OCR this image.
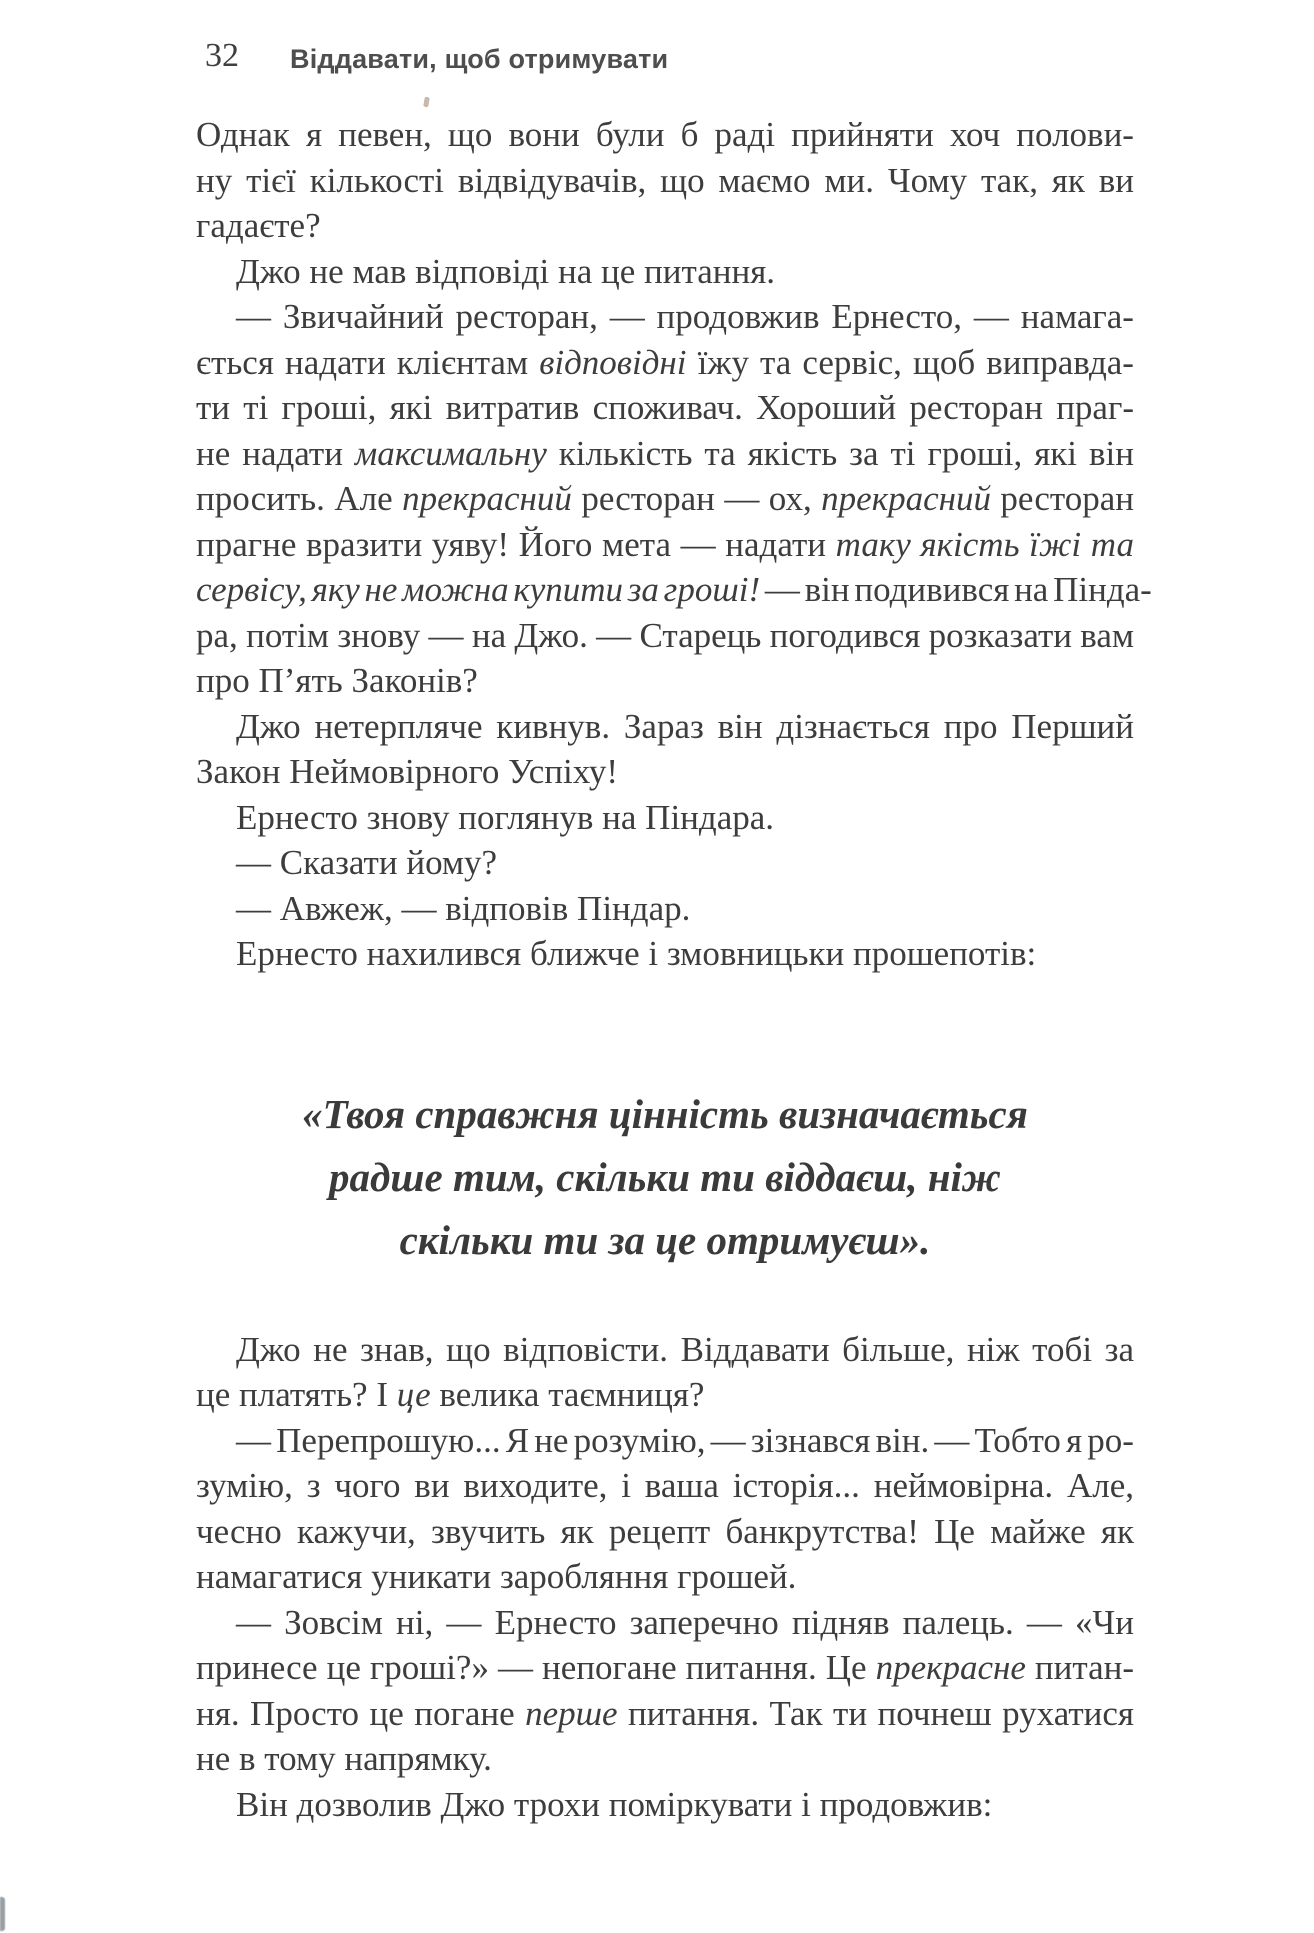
32 Віддавати, щоб отримувати
Однак я певен, що вони були б раді прийняти хоч полови-
ну тієї кількості відвідувачів, що маємо ми. Чому так, як ви
гадаєте?
Джо не мав відповіді на це питання.
— Звичайний ресторан, — продовжив Ернесто, — намага-
ється надати клієнтам відповідні їжу та сервіс, щоб виправда-
ти ті гроші, які витратив споживач. Хороший ресторан праг-
не надати максимальну кількість та якість за ті гроші, які він
просить. Але прекрасний ресторан — ох, прекрасний ресторан
прагне вразити уяву! Його мета — надати таку якість їжі та
сервісу, яку не можна купити за гроші! — він подивився на Пінда-
ра, потім знову — на Джо. — Старець погодився розказати вам
про П’ять Законів?
Джо нетерпляче кивнув. Зараз він дізнається про Перший
Закон Неймовірного Успіху!
Ернесто знову поглянув на Піндара.
— Сказати йому?
— Авжеж, — відповів Піндар.
Ернесто нахилився ближче і змовницьки прошепотів:
«Твоя справжня цінність визначається
радше тим, скільки ти віддаєш, ніж
скільки ти за це отримуєш».
Джо не знав, що відповісти. Віддавати більше, ніж тобі за
це платять? І це велика таємниця?
— Перепрошую... Я не розумію, — зізнався він. — Тобто я ро-
зумію, з чого ви виходите, і ваша історія... неймовірна. Але,
чесно кажучи, звучить як рецепт банкрутства! Це майже як
намагатися уникати заробляння грошей.
— Зовсім ні, — Ернесто заперечно підняв палець. — «Чи
принесе це гроші?» — непогане питання. Це прекрасне питан-
ня. Просто це погане перше питання. Так ти почнеш рухатися
не в тому напрямку.
Він дозволив Джо трохи поміркувати і продовжив:
